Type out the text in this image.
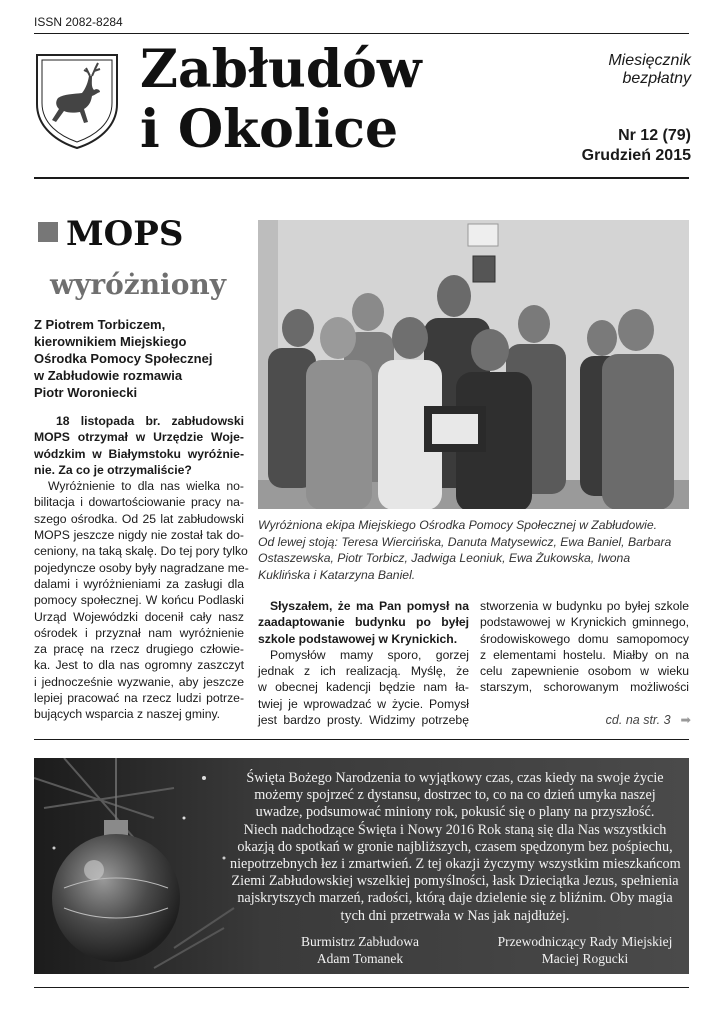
ISSN 2082-8284
Zabłudów
i Okolice
Miesięcznik
bezpłatny
Nr 12 (79)
Grudzień 2015
MOPS
wyróżniony
Z Piotrem Torbiczem,
kierownikiem Miejskiego
Ośrodka Pomocy Społecznej
w Zabłudowie rozmawia
Piotr Woroniecki
18 listopada br. zabłudowski
MOPS otrzymał w Urzędzie Woje-
wódzkim w Białymstoku wyróżnie-
nie. Za co je otrzymaliście?
Wyróżnienie to dla nas wielka no-
bilitacja i dowartościowanie pracy na-
szego ośrodka. Od 25 lat zabłudowski
MOPS jeszcze nigdy nie został tak do-
ceniony, na taką skalę. Do tej pory tylko
pojedyncze osoby były nagradzane me-
dalami i wyróżnieniami za zasługi dla
pomocy społecznej. W końcu Podlaski
Urząd Wojewódzki docenił cały nasz
ośrodek i przyznał nam wyróżnienie
za pracę na rzecz drugiego człowie-
ka. Jest to dla nas ogromny zaszczyt
i jednocześnie wyzwanie, aby jeszcze
lepiej pracować na rzecz ludzi potrze-
bujących wsparcia z naszej gminy.
Wyróżniona ekipa Miejskiego Ośrodka Pomocy Społecznej w Zabłudowie.
Od lewej stoją: Teresa Wiercińska, Danuta Matysewicz, Ewa Baniel, Barbara
Ostaszewska, Piotr Torbicz, Jadwiga Leoniuk, Ewa Żukowska, Iwona
Kuklińska i Katarzyna Baniel.
Słyszałem, że ma Pan pomysł na
zaadaptowanie budynku po byłej
szkole podstawowej w Krynickich.
Pomysłów mamy sporo, gorzej
jednak z ich realizacją. Myślę, że
w obecnej kadencji będzie nam ła-
twiej je wprowadzać w życie. Pomysł
jest bardzo prosty. Widzimy potrzebę
stworzenia w budynku po byłej szkole
podstawowej w Krynickich gminnego,
środowiskowego domu samopomocy
z elementami hostelu. Miałby on na
celu zapewnienie osobom w wieku
starszym, schorowanym możliwości
cd. na str. 3 ➡
Święta Bożego Narodzenia to wyjątkowy czas, czas kiedy na swoje życie
możemy spojrzeć z dystansu, dostrzec to, co na co dzień umyka naszej
uwadze, podsumować miniony rok, pokusić się o plany na przyszłość.
Niech nadchodzące Święta i Nowy 2016 Rok staną się dla Nas wszystkich
okazją do spotkań w gronie najbliższych, czasem spędzonym bez pośpiechu,
niepotrzebnych łez i zmartwień. Z tej okazji życzymy wszystkim mieszkańcom
Ziemi Zabłudowskiej wszelkiej pomyślności, łask Dzieciątka Jezus, spełnienia
najskrytszych marzeń, radości, którą daje dzielenie się z bliźnim. Oby magia
tych dni przetrwała w Nas jak najdłużej.
Burmistrz Zabłudowa
Adam Tomanek
Przewodniczący Rady Miejskiej
Maciej Rogucki
